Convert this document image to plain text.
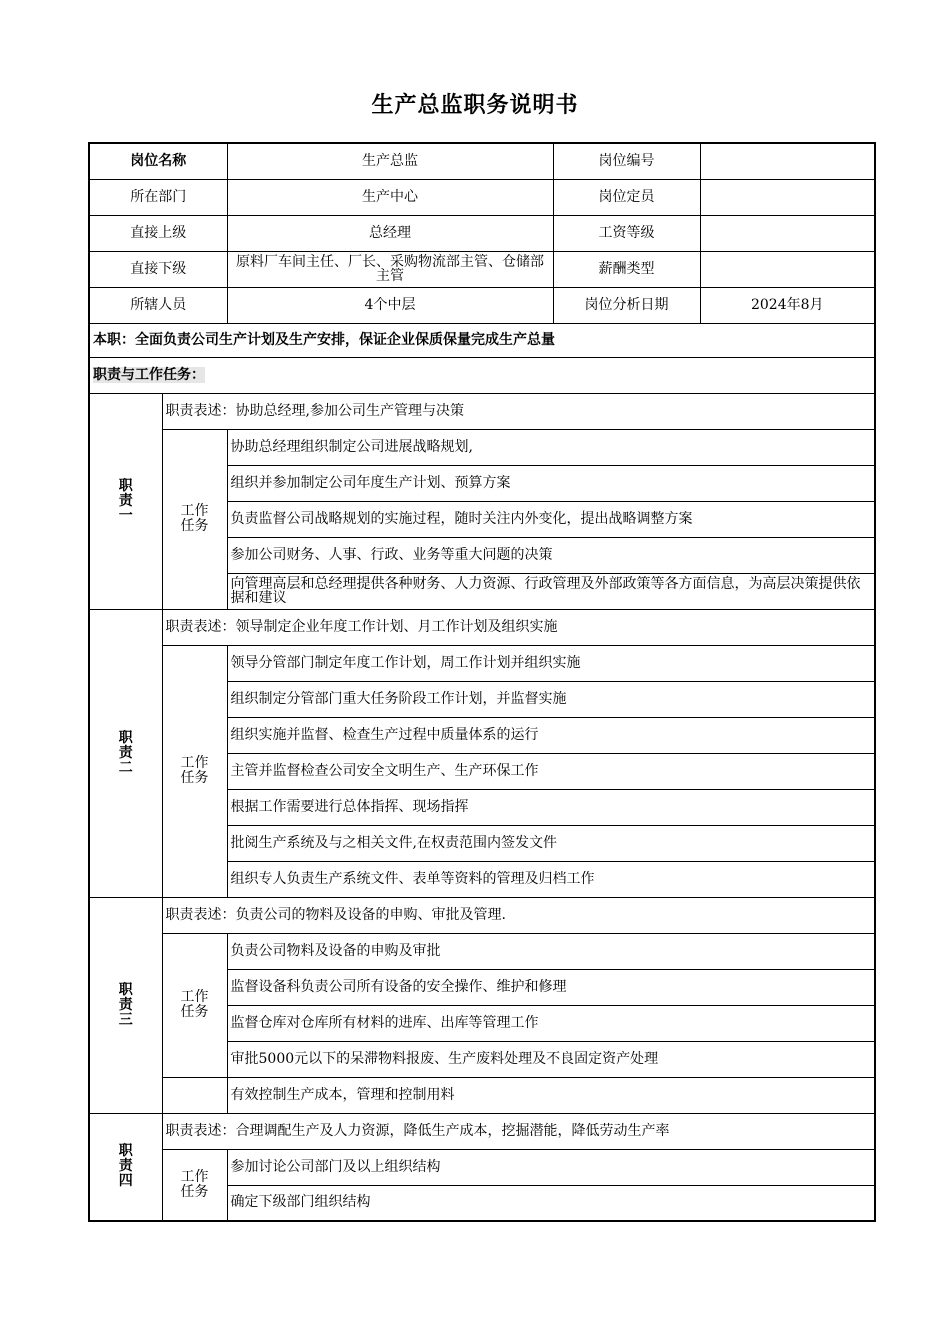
生产总监职务说明书
岗位名称		生产总监	岗位编号	
所在部门		生产中心	岗位定员	
直接上级		总经理	工资等级	
直接下级		原料厂车间主任、厂长、采购物流部主管、仓储部主管	薪酬类型	
所辖人员		4个中层	岗位分析日期	2024年8月
本职：全面负责公司生产计划及生产安排，保证企业保质保量完成生产总量				
职责与工作任务：				

职
责
一	职责表述：协助总经理,参加公司生产管理与决策			

	工作
任务	协助总经理组织制定公司进展战略规划,		
		组织并参加制定公司年度生产计划、预算方案		
		负责监督公司战略规划的实施过程，随时关注内外变化，提出战略调整方案		
		参加公司财务、人事、行政、业务等重大问题的决策		
		向管理高层和总经理提供各种财务、人力资源、行政管理及外部政策等各方面信息，为高层决策提供依据和建议		

职
责
二	职责表述：领导制定企业年度工作计划、月工作计划及组织实施			

	工作
任务	领导分管部门制定年度工作计划，周工作计划并组织实施		
		组织制定分管部门重大任务阶段工作计划，并监督实施		
		组织实施并监督、检查生产过程中质量体系的运行		
		主管并监督检查公司安全文明生产、生产环保工作		
		根据工作需要进行总体指挥、现场指挥		
		批阅生产系统及与之相关文件,在权责范围内签发文件		
		组织专人负责生产系统文件、表单等资料的管理及归档工作		

职
责
三	职责表述：负责公司的物料及设备的申购、审批及管理.			

	工作
任务	负责公司物料及设备的申购及审批		
		监督设备科负责公司所有设备的安全操作、维护和修理		
		监督仓库对仓库所有材料的进库、出库等管理工作		
		审批5000元以下的呆滞物料报废、生产废料处理及不良固定资产处理		
		有效控制生产成本，管理和控制用料		

职
责
四	职责表述：合理调配生产及人力资源，降低生产成本，挖掘潜能，降低劳动生产率			

	工作
任务	参加讨论公司部门及以上组织结构		
		确定下级部门组织结构		
